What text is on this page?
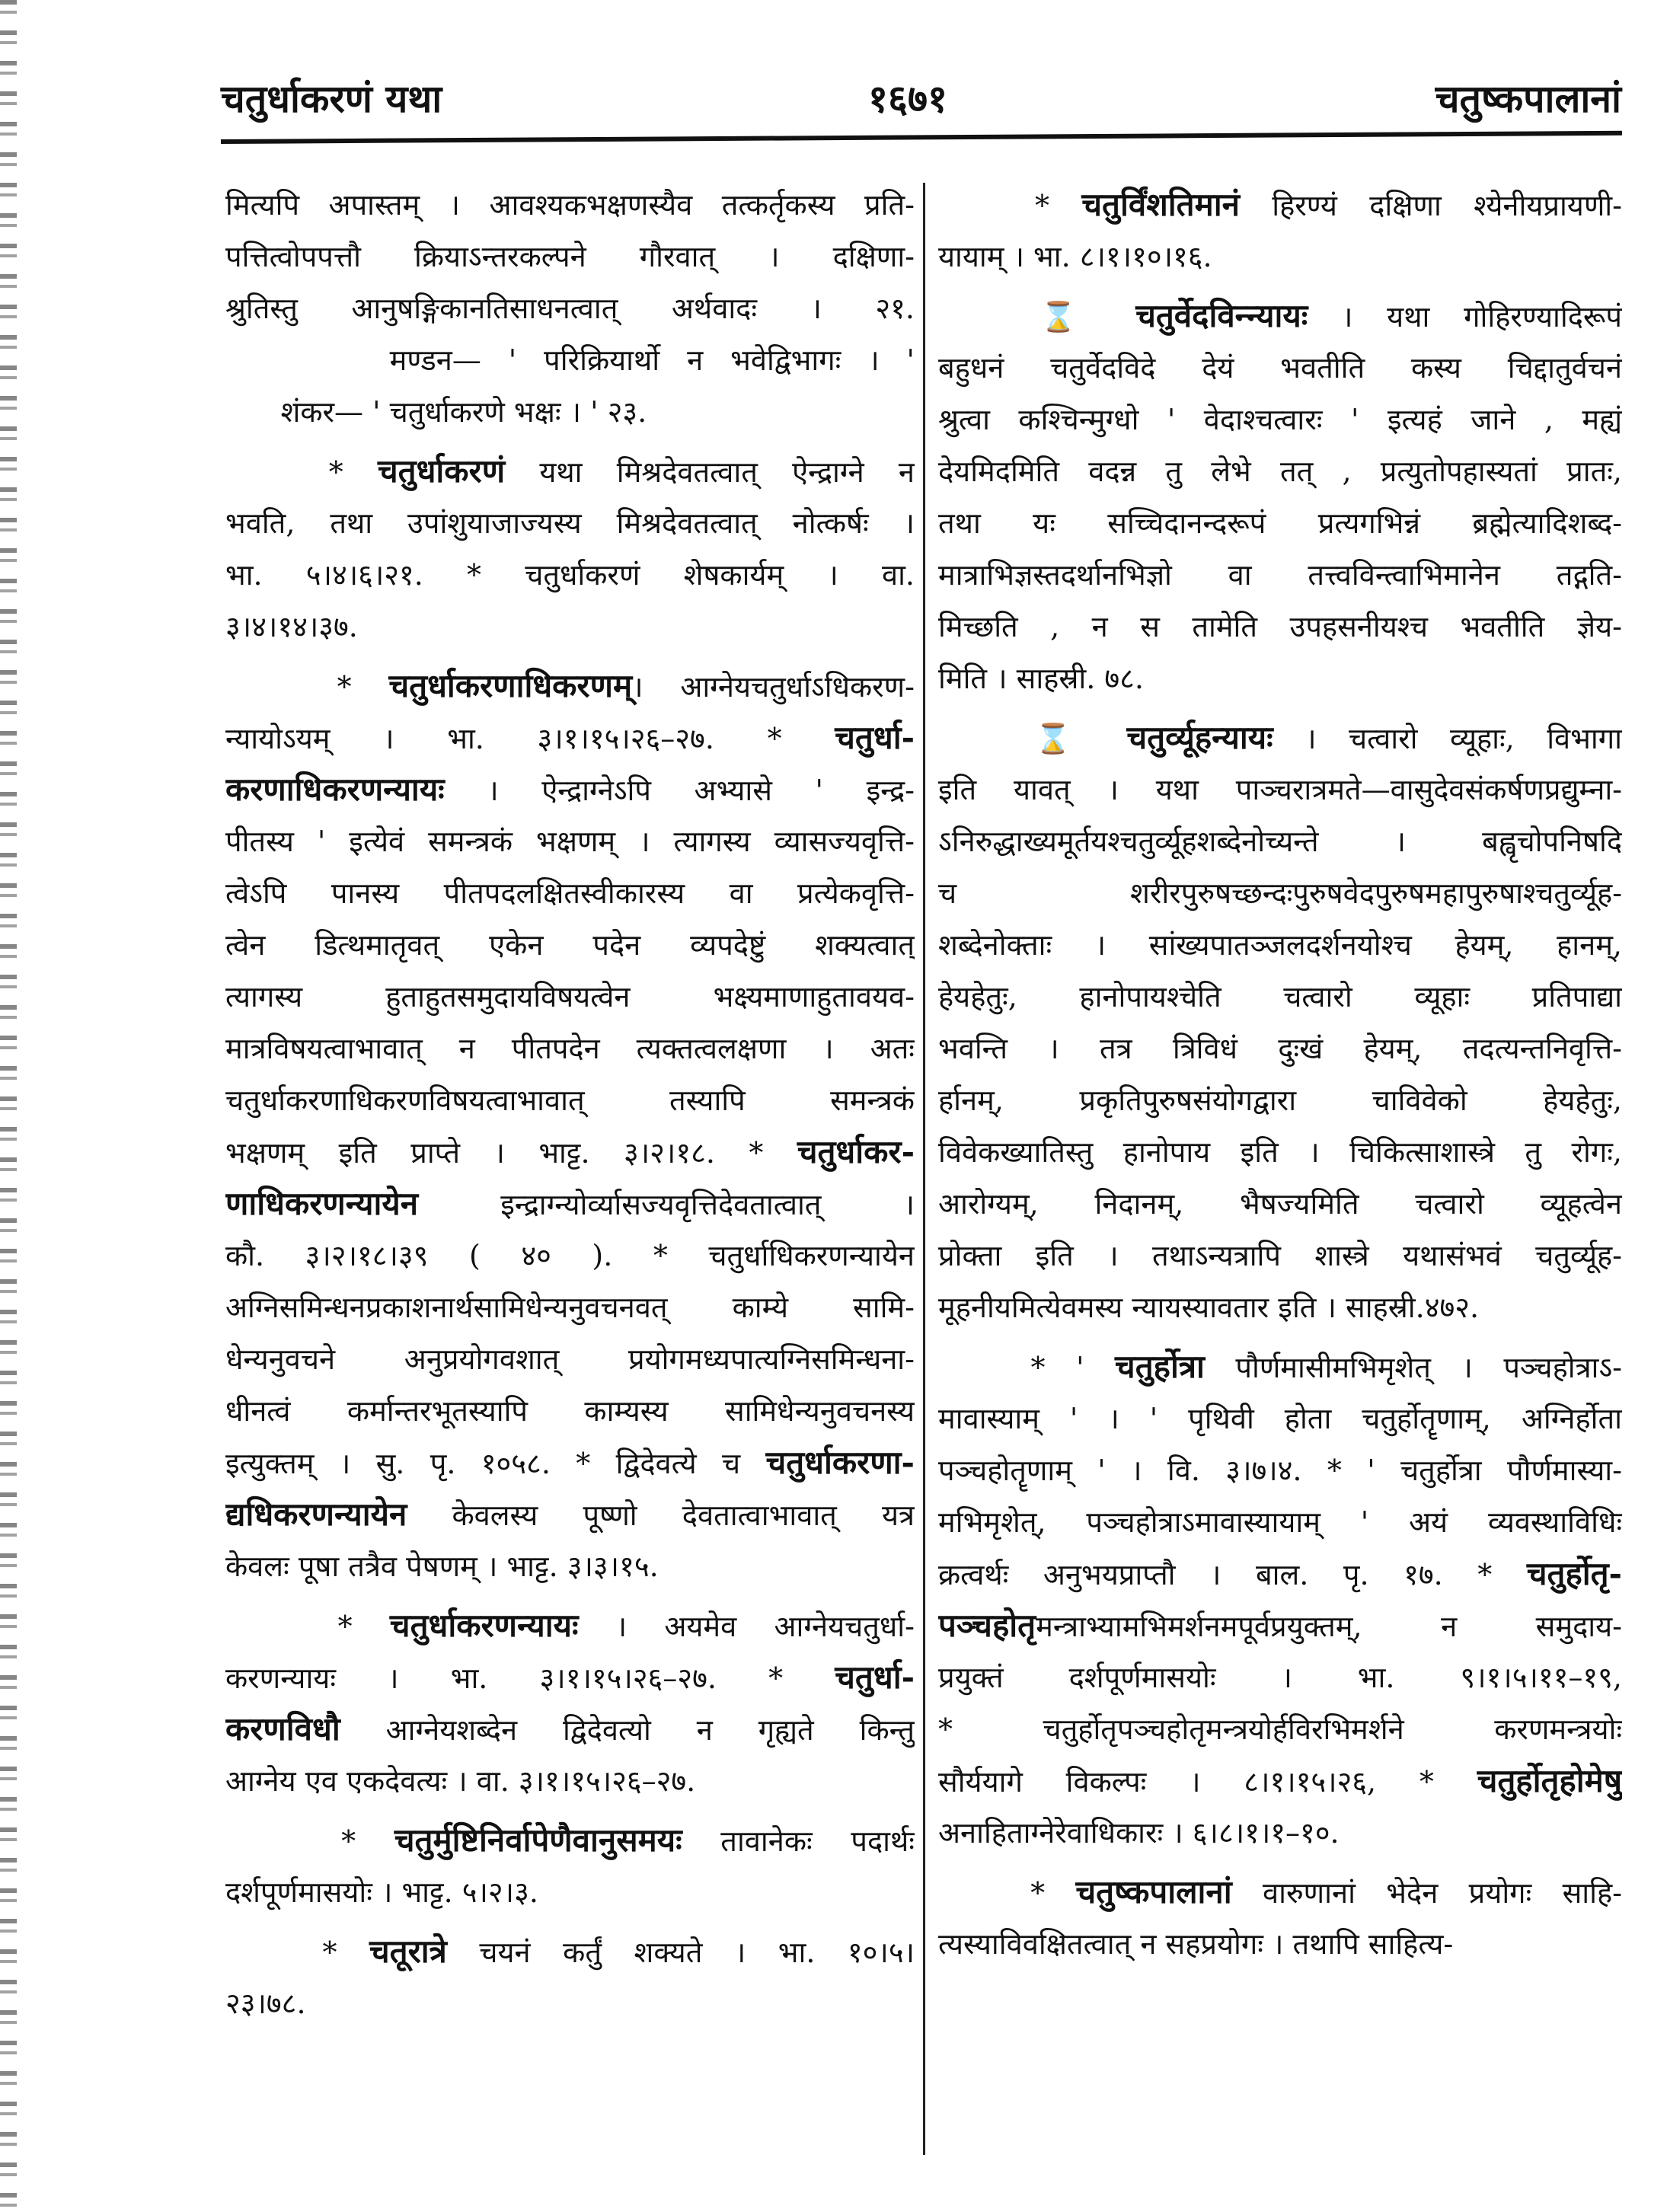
चतुर्धाकरणं यथा	१६७१	चतुष्कपालानां
मित्यपि अपास्तम् । आवश्यकभक्षणस्यैव तत्कर्तृकस्य प्रति-
पत्तित्वोपपत्तौ क्रियाऽन्तरकल्पने गौरवात् । दक्षिणा-
श्रुतिस्तु आनुषङ्गिकानतिसाधनत्वात् अर्थवादः । २१.
मण्डन— ' परिक्रियार्थो न भवेद्विभागः । '
शंकर— ' चतुर्धाकरणे भक्षः । ' २३.
* चतुर्धाकरणं यथा मिश्रदेवतत्वात् ऐन्द्राग्ने न
भवति, तथा उपांशुयाजाज्यस्य मिश्रदेवतत्वात् नोत्कर्षः ।
भा. ५।४।६।२१. * चतुर्धाकरणं शेषकार्यम् । वा.
३।४।१४।३७.
* चतुर्धाकरणाधिकरणम्। आग्नेयचतुर्धाऽधिकरण-
न्यायोऽयम् । भा. ३।१।१५।२६–२७. * चतुर्धा-
करणाधिकरणन्यायः । ऐन्द्राग्नेऽपि अभ्यासे ' इन्द्र-
पीतस्य ' इत्येवं समन्त्रकं भक्षणम् । त्यागस्य व्यासज्यवृत्ति-
त्वेऽपि पानस्य पीतपदलक्षितस्वीकारस्य वा प्रत्येकवृत्ति-
त्वेन डित्थमातृवत् एकेन पदेन व्यपदेष्टुं शक्यत्वात्
त्यागस्य हुताहुतसमुदायविषयत्वेन भक्ष्यमाणाहुतावयव-
मात्रविषयत्वाभावात् न पीतपदेन त्यक्तत्वलक्षणा । अतः
चतुर्धाकरणाधिकरणविषयत्वाभावात् तस्यापि समन्त्रकं
भक्षणम् इति प्राप्ते । भाट्ट. ३।२।१८. * चतुर्धाकर-
णाधिकरणन्यायेन इन्द्राग्न्योर्व्यासज्यवृत्तिदेवतात्वात् ।
कौ. ३।२।१८।३९ ( ४० ). * चतुर्धाधिकरणन्यायेन
अग्निसमिन्धनप्रकाशनार्थसामिधेन्यनुवचनवत् काम्ये सामि-
धेन्यनुवचने अनुप्रयोगवशात् प्रयोगमध्यपात्यग्निसमिन्धना-
धीनत्वं कर्मान्तरभूतस्यापि काम्यस्य सामिधेन्यनुवचनस्य
इत्युक्तम् । सु. पृ. १०५८. * द्विदेवत्ये च चतुर्धाकरणा-
द्यधिकरणन्यायेन केवलस्य पूष्णो देवतात्वाभावात् यत्र
केवलः पूषा तत्रैव पेषणम् । भाट्ट. ३।३।१५.
* चतुर्धाकरणन्यायः । अयमेव आग्नेयचतुर्धा-
करणन्यायः । भा. ३।१।१५।२६–२७. * चतुर्धा-
करणविधौ आग्नेयशब्देन द्विदेवत्यो न गृह्यते किन्तु
आग्नेय एव एकदेवत्यः । वा. ३।१।१५।२६–२७.
* चतुर्मुष्टिनिर्वापेणैवानुसमयः तावानेकः पदार्थः
दर्शपूर्णमासयोः । भाट्ट. ५।२।३.
* चतूरात्रे चयनं कर्तुं शक्यते । भा. १०।५।
२३।७८.
* चतुर्विंशतिमानं हिरण्यं दक्षिणा श्येनीयप्रायणी-
यायाम् । भा. ८।१।१०।१६.
⌛ चतुर्वेदविन्न्यायः । यथा गोहिरण्यादिरूपं
बहुधनं चतुर्वेदविदे देयं भवतीति कस्य चिद्दातुर्वचनं
श्रुत्वा कश्चिन्मुग्धो ' वेदाश्चत्वारः ' इत्यहं जाने , मह्यं
देयमिदमिति वदन्न तु लेभे तत् , प्रत्युतोपहास्यतां प्रातः,
तथा यः सच्चिदानन्दरूपं प्रत्यगभिन्नं ब्रह्मेत्यादिशब्द-
मात्राभिज्ञस्तदर्थानभिज्ञो वा तत्त्वविन्त्वाभिमानेन तद्गति-
मिच्छति , न स तामेति उपहसनीयश्च भवतीति ज्ञेय-
मिति । साहस्री. ७८.
⌛ चतुर्व्यूहन्यायः । चत्वारो व्यूहाः, विभागा
इति यावत् । यथा पाञ्चरात्रमते—वासुदेवसंकर्षणप्रद्युम्ना-
ऽनिरुद्धाख्यमूर्तयश्चतुर्व्यूहशब्देनोच्यन्ते । बह्वृचोपनिषदि
च शरीरपुरुषच्छन्दःपुरुषवेदपुरुषमहापुरुषाश्चतुर्व्यूह-
शब्देनोक्ताः । सांख्यपातञ्जलदर्शनयोश्च हेयम्, हानम्,
हेयहेतुः, हानोपायश्चेति चत्वारो व्यूहाः प्रतिपाद्या
भवन्ति । तत्र त्रिविधं दुःखं हेयम्, तदत्यन्तनिवृत्ति-
र्हानम्, प्रकृतिपुरुषसंयोगद्वारा चाविवेको हेयहेतुः,
विवेकख्यातिस्तु हानोपाय इति । चिकित्साशास्त्रे तु रोगः,
आरोग्यम्, निदानम्, भैषज्यमिति चत्वारो व्यूहत्वेन
प्रोक्ता इति । तथाऽन्यत्रापि शास्त्रे यथासंभवं चतुर्व्यूह-
मूहनीयमित्येवमस्य न्यायस्यावतार इति । साहस्री.४७२.
* ' चतुर्होत्रा पौर्णमासीमभिमृशेत् । पञ्चहोत्राऽ-
मावास्याम् ' । ' पृथिवी होता चतुर्होतॄणाम्, अग्निर्होता
पञ्चहोतॄणाम् ' । वि. ३।७।४. * ' चतुर्होत्रा पौर्णमास्या-
मभिमृशेत्, पञ्चहोत्राऽमावास्यायाम् ' अयं व्यवस्थाविधिः
क्रत्वर्थः अनुभयप्राप्तौ । बाल. पृ. १७. * चतुर्होतृ-
पञ्चहोतृमन्त्राभ्यामभिमर्शनमपूर्वप्रयुक्तम्, न समुदाय-
प्रयुक्तं दर्शपूर्णमासयोः । भा. ९।१।५।११–१९,
* चतुर्होतृपञ्चहोतृमन्त्रयोर्हविरभिमर्शने करणमन्त्रयोः
सौर्ययागे विकल्पः । ८।१।१५।२६, * चतुर्होतृहोमेषु
अनाहिताग्नेरेवाधिकारः । ६।८।१।१–१०.
* चतुष्कपालानां वारुणानां भेदेन प्रयोगः साहि-
त्यस्याविवक्षितत्वात् न सहप्रयोगः । तथापि साहित्य-
